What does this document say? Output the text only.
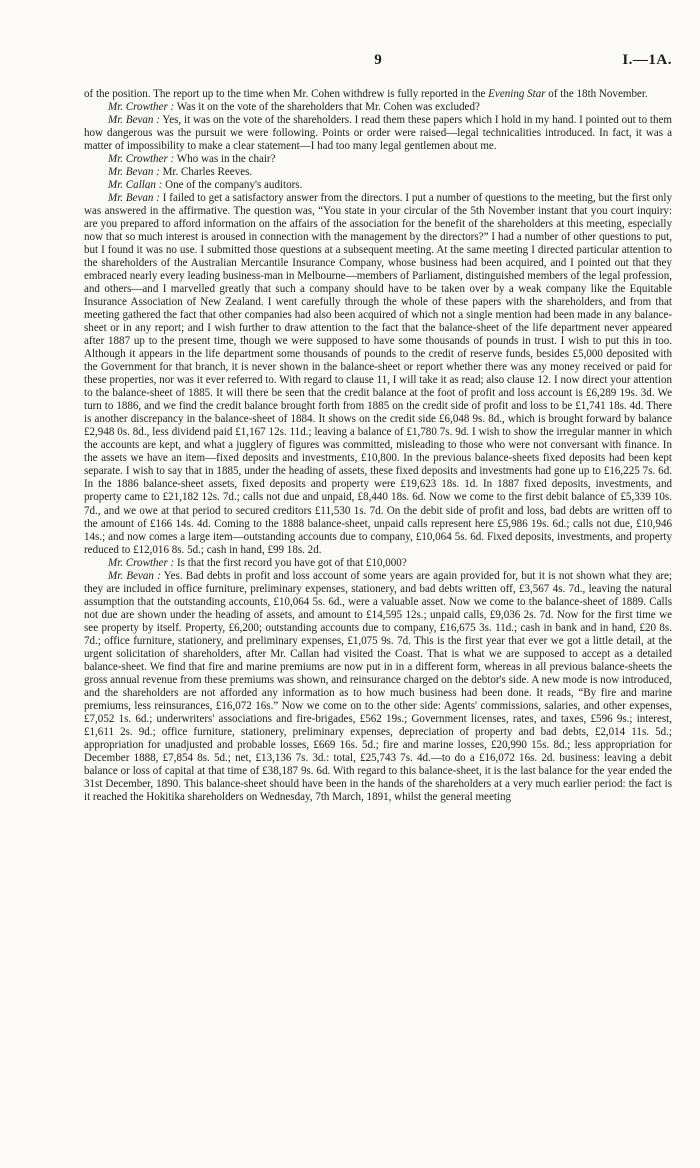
9	I.—1A.

of the position. The report up to the time when Mr. Cohen withdrew is fully reported in the Evening Star of the 18th November.

Mr. Crowther : Was it on the vote of the shareholders that Mr. Cohen was excluded?

Mr. Bevan : Yes, it was on the vote of the shareholders. I read them these papers which I hold in my hand. I pointed out to them how dangerous was the pursuit we were following. Points or order were raised—legal technicalities introduced. In fact, it was a matter of impossibility to make a clear statement—I had too many legal gentlemen about me.

Mr. Crowther : Who was in the chair?

Mr. Bevan : Mr. Charles Reeves.

Mr. Callan : One of the company's auditors.

Mr. Bevan : I failed to get a satisfactory answer from the directors. I put a number of questions to the meeting, but the first only was answered in the affirmative. The question was, “You state in your circular of the 5th November instant that you court inquiry: are you prepared to afford information on the affairs of the association for the benefit of the shareholders at this meeting, especially now that so much interest is aroused in connection with the management by the directors?” I had a number of other questions to put, but I found it was no use. I submitted those questions at a subsequent meeting. At the same meeting I directed particular attention to the shareholders of the Australian Mercantile Insurance Company, whose business had been acquired, and I pointed out that they embraced nearly every leading business-man in Melbourne—members of Parliament, distinguished members of the legal profession, and others—and I marvelled greatly that such a company should have to be taken over by a weak company like the Equitable Insurance Association of New Zealand. I went carefully through the whole of these papers with the shareholders, and from that meeting gathered the fact that other companies had also been acquired of which not a single mention had been made in any balance-sheet or in any report; and I wish further to draw attention to the fact that the balance-sheet of the life department never appeared after 1887 up to the present time, though we were supposed to have some thousands of pounds in trust. I wish to put this in too. Although it appears in the life department some thousands of pounds to the credit of reserve funds, besides £5,000 deposited with the Government for that branch, it is never shown in the balance-sheet or report whether there was any money received or paid for these properties, nor was it ever referred to. With regard to clause 11, I will take it as read; also clause 12. I now direct your attention to the balance-sheet of 1885. It will there be seen that the credit balance at the foot of profit and loss account is £6,289 19s. 3d. We turn to 1886, and we find the credit balance brought forth from 1885 on the credit side of profit and loss to be £1,741 18s. 4d. There is another discrepancy in the balance-sheet of 1884. It shows on the credit side £6,048 9s. 8d., which is brought forward by balance £2,948 0s. 8d., less dividend paid £1,167 12s. 11d.; leaving a balance of £1,780 7s. 9d. I wish to show the irregular manner in which the accounts are kept, and what a jugglery of figures was committed, misleading to those who were not conversant with finance. In the assets we have an item—fixed deposits and investments, £10,800. In the previous balance-sheets fixed deposits had been kept separate. I wish to say that in 1885, under the heading of assets, these fixed deposits and investments had gone up to £16,225 7s. 6d. In the 1886 balance-sheet assets, fixed deposits and property were £19,623 18s. 1d. In 1887 fixed deposits, investments, and property came to £21,182 12s. 7d.; calls not due and unpaid, £8,440 18s. 6d. Now we come to the first debit balance of £5,339 10s. 7d., and we owe at that period to secured creditors £11,530 1s. 7d. On the debit side of profit and loss, bad debts are written off to the amount of £166 14s. 4d. Coming to the 1888 balance-sheet, unpaid calls represent here £5,986 19s. 6d.; calls not due, £10,946 14s.; and now comes a large item—outstanding accounts due to company, £10,064 5s. 6d. Fixed deposits, investments, and property reduced to £12,016 8s. 5d.; cash in hand, £99 18s. 2d.

Mr. Crowther : Is that the first record you have got of that £10,000?

Mr. Bevan : Yes. Bad debts in profit and loss account of some years are again provided for, but it is not shown what they are; they are included in office furniture, preliminary expenses, stationery, and bad debts written off, £3,567 4s. 7d., leaving the natural assumption that the outstanding accounts, £10,064 5s. 6d., were a valuable asset. Now we come to the balance-sheet of 1889. Calls not due are shown under the heading of assets, and amount to £14,595 12s.; unpaid calls, £9,036 2s. 7d. Now for the first time we see property by itself. Property, £6,200; outstanding accounts due to company, £16,675 3s. 11d.; cash in bank and in hand, £20 8s. 7d.; office furniture, stationery, and preliminary expenses, £1,075 9s. 7d. This is the first year that ever we got a little detail, at the urgent solicitation of shareholders, after Mr. Callan had visited the Coast. That is what we are supposed to accept as a detailed balance-sheet. We find that fire and marine premiums are now put in in a different form, whereas in all previous balance-sheets the gross annual revenue from these premiums was shown, and reinsurance charged on the debtor's side. A new mode is now introduced, and the shareholders are not afforded any information as to how much business had been done. It reads, “By fire and marine premiums, less reinsurances, £16,072 16s.” Now we come on to the other side: Agents' commissions, salaries, and other expenses, £7,052 1s. 6d.; underwriters' associations and fire-brigades, £562 19s.; Government licenses, rates, and taxes, £596 9s.; interest, £1,611 2s. 9d.; office furniture, stationery, preliminary expenses, depreciation of property and bad debts, £2,014 11s. 5d.; appropriation for unadjusted and probable losses, £669 16s. 5d.; fire and marine losses, £20,990 15s. 8d.; less appropriation for December 1888, £7,854 8s. 5d.; net, £13,136 7s. 3d.: total, £25,743 7s. 4d.—to do a £16,072 16s. 2d. business: leaving a debit balance or loss of capital at that time of £38,187 9s. 6d. With regard to this balance-sheet, it is the last balance for the year ended the 31st December, 1890. This balance-sheet should have been in the hands of the shareholders at a very much earlier period: the fact is it reached the Hokitika shareholders on Wednesday, 7th March, 1891, whilst the general meeting
